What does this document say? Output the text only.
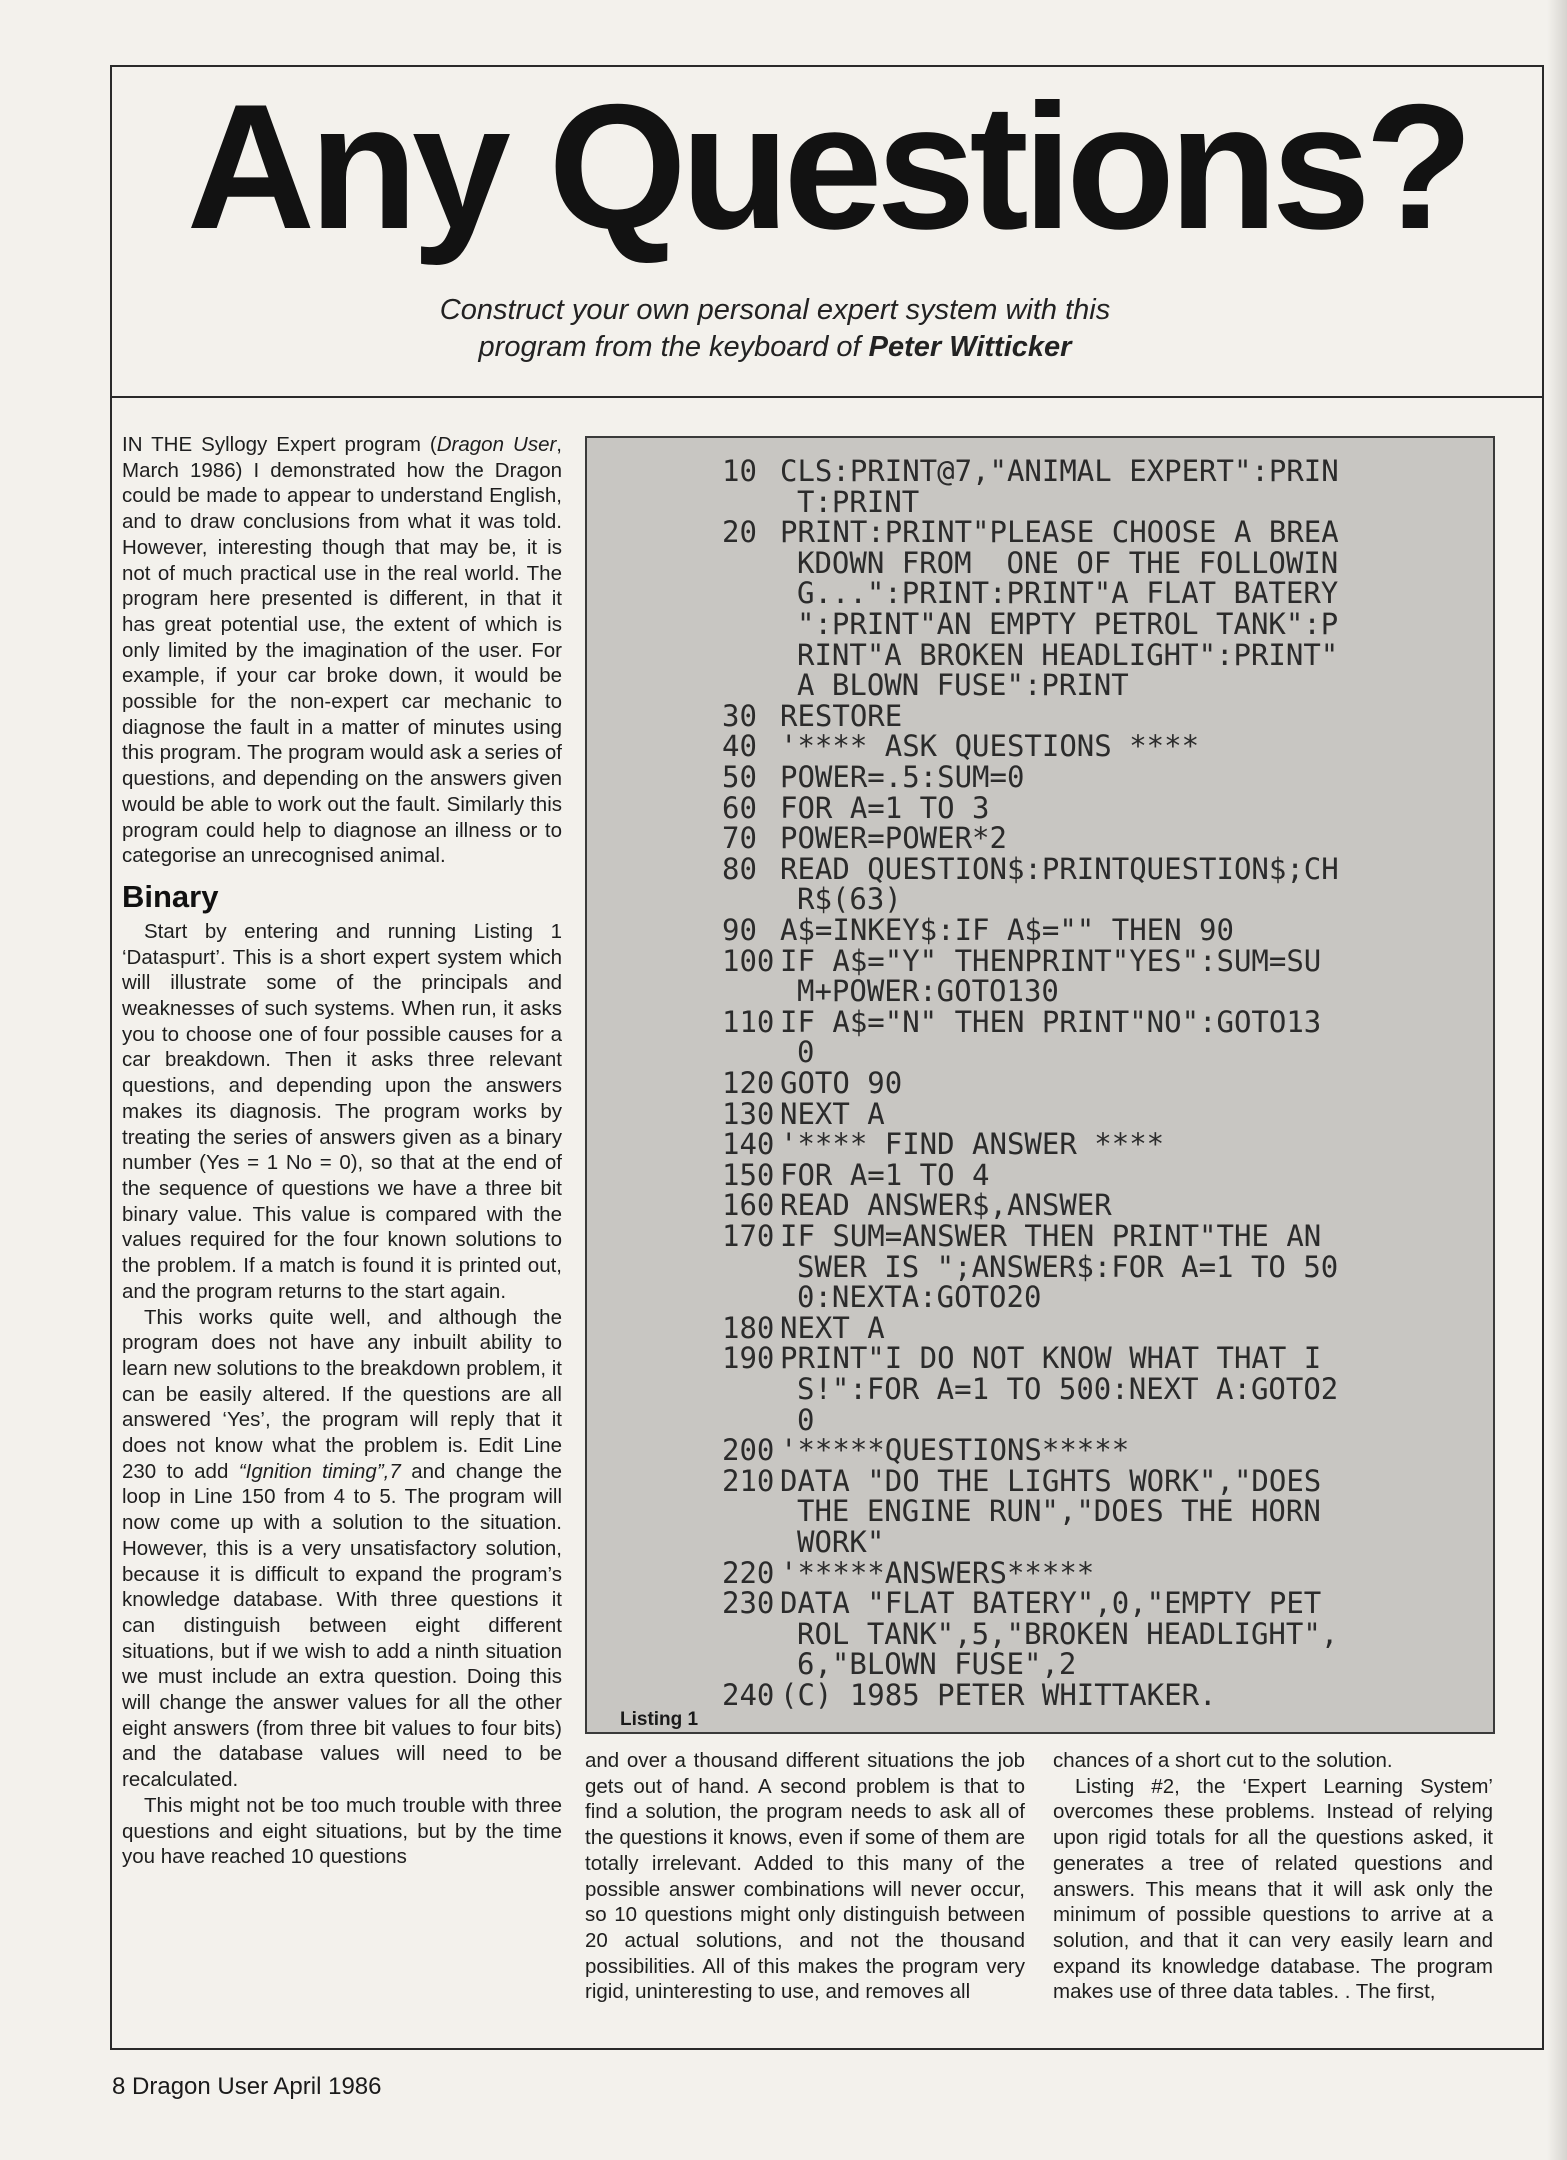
Any Questions?
Construct your own personal expert system with this
program from the keyboard of Peter Witticker

IN THE Syllogy Expert program (Dragon User, March 1986) I demonstrated how the Dragon could be made to appear to understand English, and to draw conclusions from what it was told. However, interesting though that may be, it is not of much practical use in the real world. The program here presented is different, in that it has great potential use, the extent of which is only limited by the imagination of the user. For example, if your car broke down, it would be possible for the non-expert car mechanic to diagnose the fault in a matter of minutes using this program. The program would ask a series of questions, and depending on the answers given would be able to work out the fault. Similarly this program could help to diagnose an illness or to categorise an unrecognised animal.

Binary

Start by entering and running Listing 1 ‘Dataspurt’. This is a short expert system which will illustrate some of the principals and weaknesses of such systems. When run, it asks you to choose one of four possible causes for a car breakdown. Then it asks three relevant questions, and depending upon the answers makes its diagnosis. The program works by treating the series of answers given as a binary number (Yes = 1 No = 0), so that at the end of the sequence of questions we have a three bit binary value. This value is compared with the values required for the four known solutions to the problem. If a match is found it is printed out, and the program returns to the start again.

This works quite well, and although the program does not have any inbuilt ability to learn new solutions to the breakdown problem, it can be easily altered. If the questions are all answered ‘Yes’, the program will reply that it does not know what the problem is. Edit Line 230 to add “Ignition timing”,7 and change the loop in Line 150 from 4 to 5. The program will now come up with a solution to the situation. However, this is a very unsatisfactory solution, because it is difficult to expand the program’s knowledge database. With three questions it can distinguish between eight different situations, but if we wish to add a ninth situation we must include an extra question. Doing this will change the answer values for all the other eight answers (from three bit values to four bits) and the database values will need to be recalculated.

This might not be too much trouble with three questions and eight situations, but by the time you have reached 10 questions

10 CLS:PRINT@7,"ANIMAL EXPERT":PRIN
T:PRINT
20 PRINT:PRINT"PLEASE CHOOSE A BREA
KDOWN FROM  ONE OF THE FOLLOWIN
G...":PRINT:PRINT"A FLAT BATERY
":PRINT"AN EMPTY PETROL TANK":P
RINT"A BROKEN HEADLIGHT":PRINT"
A BLOWN FUSE":PRINT
30 RESTORE
40 '**** ASK QUESTIONS ****
50 POWER=.5:SUM=0
60 FOR A=1 TO 3
70 POWER=POWER*2
80 READ QUESTION$:PRINTQUESTION$;CH
R$(63)
90 A$=INKEY$:IF A$="" THEN 90
100 IF A$="Y" THENPRINT"YES":SUM=SU
M+POWER:GOTO130
110 IF A$="N" THEN PRINT"NO":GOTO13
0
120 GOTO 90
130 NEXT A
140 '**** FIND ANSWER ****
150 FOR A=1 TO 4
160 READ ANSWER$,ANSWER
170 IF SUM=ANSWER THEN PRINT"THE AN
SWER IS ";ANSWER$:FOR A=1 TO 50
0:NEXTA:GOTO20
180 NEXT A
190 PRINT"I DO NOT KNOW WHAT THAT I
S!":FOR A=1 TO 500:NEXT A:GOTO2
0
200 '*****QUESTIONS*****
210 DATA "DO THE LIGHTS WORK","DOES
THE ENGINE RUN","DOES THE HORN
WORK"
220 '*****ANSWERS*****
230 DATA "FLAT BATERY",0,"EMPTY PET
ROL TANK",5,"BROKEN HEADLIGHT",
6,"BLOWN FUSE",2
240 (C) 1985 PETER WHITTAKER.
Listing 1

and over a thousand different situations the job gets out of hand. A second problem is that to find a solution, the program needs to ask all of the questions it knows, even if some of them are totally irrelevant. Added to this many of the possible answer combinations will never occur, so 10 questions might only distinguish between 20 actual solutions, and not the thousand possibilities. All of this makes the program very rigid, uninteresting to use, and removes all

chances of a short cut to the solution.

Listing #2, the ‘Expert Learning System’ overcomes these problems. Instead of relying upon rigid totals for all the questions asked, it generates a tree of related questions and answers. This means that it will ask only the minimum of possible questions to arrive at a solution, and that it can very easily learn and expand its knowledge database. The program makes use of three data tables. . The first,

8 Dragon User April 1986
